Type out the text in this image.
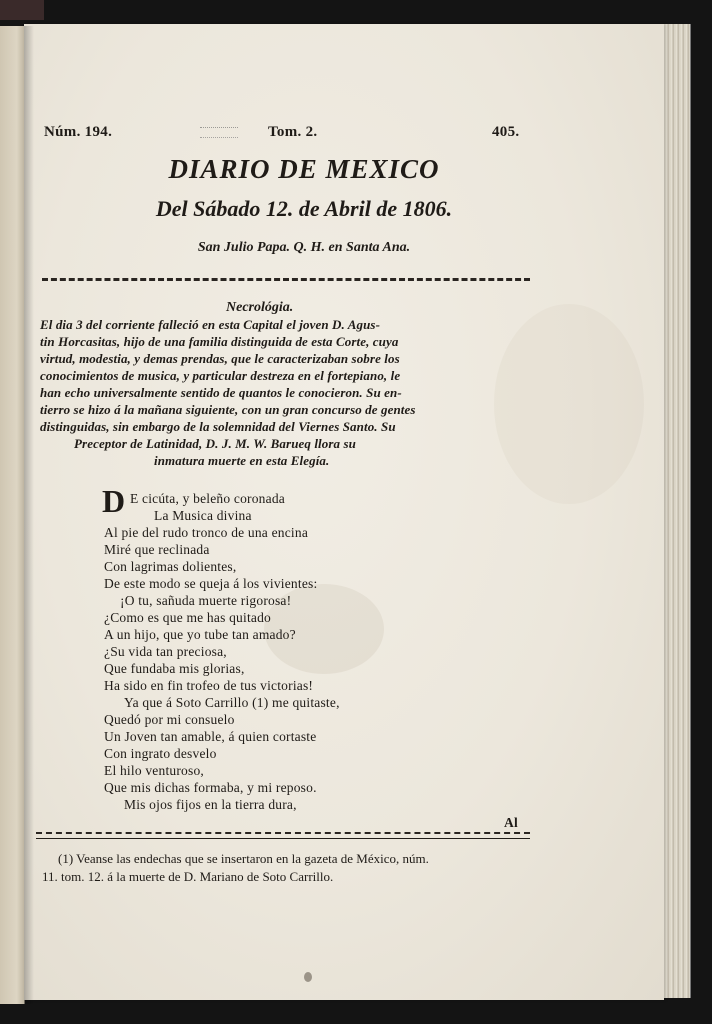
Núm. 194.	Tom. 2.	405.
DIARIO DE MEXICO
Del Sábado 12. de Abril de 1806.
San Julio Papa. Q. H. en Santa Ana.
Necrológia.
El dia 3 del corriente falleció en esta Capital el joven D. Agus-
tin Horcasitas, hijo de una familia distinguida de esta Corte, cuya
virtud, modestia, y demas prendas, que le caracterizaban sobre los
conocimientos de musica, y particular destreza en el fortepiano, le
han echo universalmente sentido de quantos le conocieron. Su en-
tierro se hizo á la mañana siguiente, con un gran concurso de gentes
distinguidas, sin embargo de la solemnidad del Viernes Santo. Su
Preceptor de Latinidad, D. J. M. W. Barueq llora su
inmatura muerte en esta Elegía.
D E cicúta, y beleño coronada
La Musica divina
Al pie del rudo tronco de una encina
Miré que reclinada
Con lagrimas dolientes,
De este modo se queja á los vivientes:
¡O tu, sañuda muerte rigorosa!
¿Como es que me has quitado
A un hijo, que yo tube tan amado?
¿Su vida tan preciosa,
Que fundaba mis glorias,
Ha sido en fin trofeo de tus victorias!
Ya que á Soto Carrillo (1) me quitaste,
Quedó por mi consuelo
Un Joven tan amable, á quien cortaste
Con ingrato desvelo
El hilo venturoso,
Que mis dichas formaba, y mi reposo.
Mis ojos fijos en la tierra dura,
Al
(1) Veanse las endechas que se insertaron en la gazeta de México, núm.
11. tom. 12. á la muerte de D. Mariano de Soto Carrillo.
